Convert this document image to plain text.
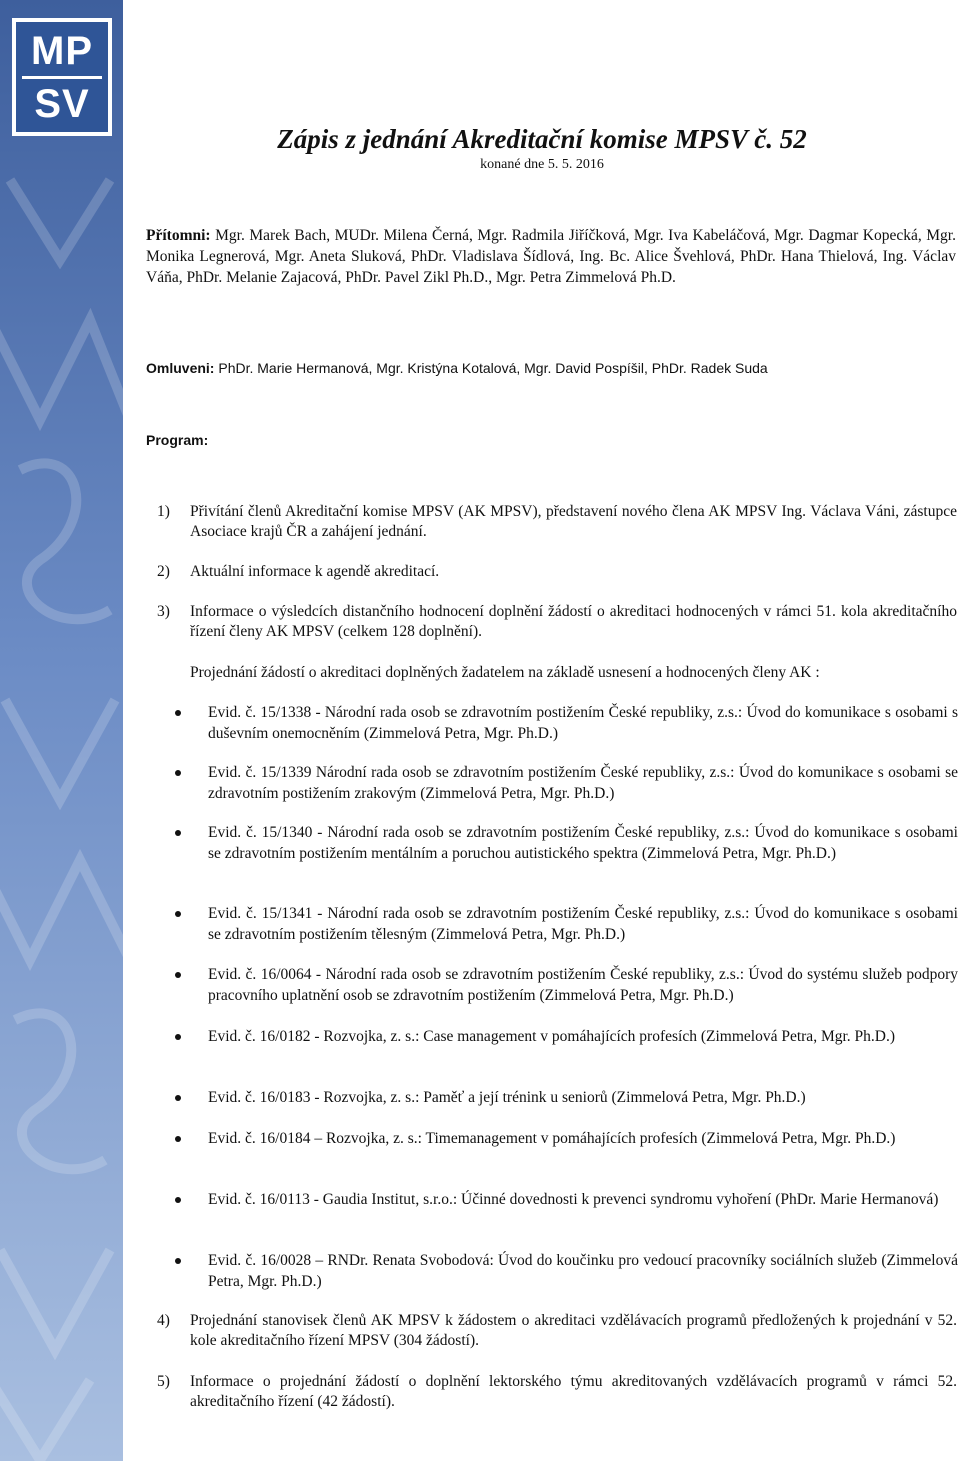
MP
SV
Zápis z jednání Akreditační komise MPSV č. 52
konané dne 5. 5. 2016
Přítomni: Mgr. Marek Bach, MUDr. Milena Černá, Mgr. Radmila Jiříčková, Mgr. Iva Kabeláčová, Mgr. Dagmar Kopecká, Mgr. Monika Legnerová, Mgr. Aneta Sluková, PhDr. Vladislava Šídlová, Ing. Bc. Alice Švehlová, PhDr. Hana Thielová, Ing. Václav Váňa, PhDr. Melanie Zajacová, PhDr. Pavel Zikl Ph.D., Mgr. Petra Zimmelová Ph.D.
Omluveni: PhDr. Marie Hermanová, Mgr. Kristýna Kotalová, Mgr. David Pospíšil, PhDr. Radek Suda
Program:
1) Přivítání členů Akreditační komise MPSV (AK MPSV), představení nového člena AK MPSV Ing. Václava Váni, zástupce Asociace krajů ČR a zahájení jednání.
2) Aktuální informace k agendě akreditací.
3) Informace o výsledcích distančního hodnocení doplnění žádostí o akreditaci hodnocených v rámci 51. kola akreditačního řízení členy AK MPSV (celkem 128 doplnění).
Projednání žádostí o akreditaci doplněných žadatelem na základě usnesení a hodnocených členy AK :
Evid. č. 15/1338 - Národní rada osob se zdravotním postižením České republiky, z.s.: Úvod do komunikace s osobami s duševním onemocněním (Zimmelová Petra, Mgr. Ph.D.)
Evid. č. 15/1339 Národní rada osob se zdravotním postižením České republiky, z.s.: Úvod do komunikace s osobami se zdravotním postižením zrakovým (Zimmelová Petra, Mgr. Ph.D.)
Evid. č. 15/1340 - Národní rada osob se zdravotním postižením České republiky, z.s.: Úvod do komunikace s osobami se zdravotním postižením mentálním a poruchou autistického spektra (Zimmelová Petra, Mgr. Ph.D.)
Evid. č. 15/1341 - Národní rada osob se zdravotním postižením České republiky, z.s.: Úvod do komunikace s osobami se zdravotním postižením tělesným (Zimmelová Petra, Mgr. Ph.D.)
Evid. č. 16/0064 - Národní rada osob se zdravotním postižením České republiky, z.s.: Úvod do systému služeb podpory pracovního uplatnění osob se zdravotním postižením (Zimmelová Petra, Mgr. Ph.D.)
Evid. č. 16/0182 - Rozvojka, z. s.: Case management v pomáhajících profesích (Zimmelová Petra, Mgr. Ph.D.)
Evid. č. 16/0183 - Rozvojka, z. s.: Paměť a její trénink u seniorů (Zimmelová Petra, Mgr. Ph.D.)
Evid. č. 16/0184 – Rozvojka, z. s.: Timemanagement v pomáhajících profesích (Zimmelová Petra, Mgr. Ph.D.)
Evid. č. 16/0113 - Gaudia Institut, s.r.o.: Účinné dovednosti k prevenci syndromu vyhoření (PhDr. Marie Hermanová)
Evid. č. 16/0028 – RNDr. Renata Svobodová: Úvod do koučinku pro vedoucí pracovníky sociálních služeb (Zimmelová Petra, Mgr. Ph.D.)
4) Projednání stanovisek členů AK MPSV k žádostem o akreditaci vzdělávacích programů předložených k projednání v 52. kole akreditačního řízení MPSV (304 žádostí).
5) Informace o projednání žádostí o doplnění lektorského týmu akreditovaných vzdělávacích programů v rámci 52. akreditačního řízení (42 žádostí).
